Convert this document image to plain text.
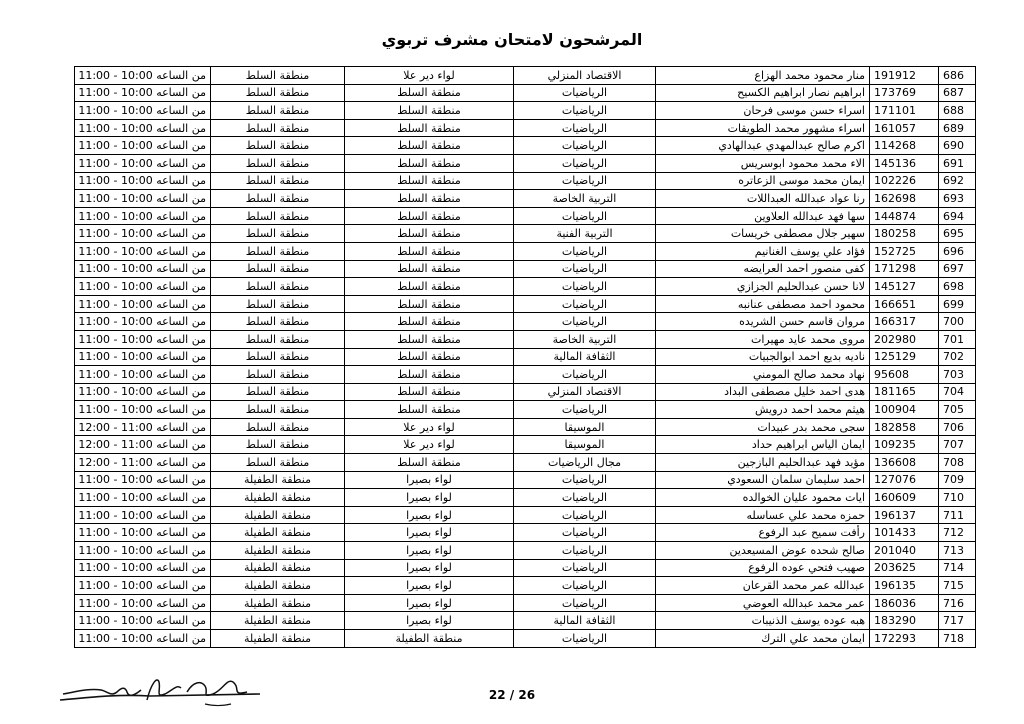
المرشحون لامتحان مشرف تربوي
686	191912	منار محمود محمد الهزاع	الاقتصاد المنزلي	لواء دير علا	منطقة السلط	من الساعه 10:00 - 11:00
687	173769	ابراهيم نصار ابراهيم الكسيح	الرياضيات	منطقة السلط	منطقة السلط	من الساعه 10:00 - 11:00
688	171101	اسراء حسن موسى فرحان	الرياضيات	منطقة السلط	منطقة السلط	من الساعه 10:00 - 11:00
689	161057	اسراء مشهور محمد الطويقات	الرياضيات	منطقة السلط	منطقة السلط	من الساعه 10:00 - 11:00
690	114268	اكرم صالح عبدالمهدي عبدالهادي	الرياضيات	منطقة السلط	منطقة السلط	من الساعه 10:00 - 11:00
691	145136	الاء محمد محمود ابوسريس	الرياضيات	منطقة السلط	منطقة السلط	من الساعه 10:00 - 11:00
692	102226	ايمان محمد موسى الزعاتره	الرياضيات	منطقة السلط	منطقة السلط	من الساعه 10:00 - 11:00
693	162698	رنا عواد عبدالله العبداللات	التربية الخاصة	منطقة السلط	منطقة السلط	من الساعه 10:00 - 11:00
694	144874	سها فهد عبدالله العلاوين	الرياضيات	منطقة السلط	منطقة السلط	من الساعه 10:00 - 11:00
695	180258	سهير جلال مصطفى خريسات	التربية الفنية	منطقة السلط	منطقة السلط	من الساعه 10:00 - 11:00
696	152725	فؤاد علي يوسف الغنانيم	الرياضيات	منطقة السلط	منطقة السلط	من الساعه 10:00 - 11:00
697	171298	كفى منصور احمد العرايضه	الرياضيات	منطقة السلط	منطقة السلط	من الساعه 10:00 - 11:00
698	145127	لانا حسن عبدالحليم الجزازي	الرياضيات	منطقة السلط	منطقة السلط	من الساعه 10:00 - 11:00
699	166651	محمود احمد مصطفى عنانبه	الرياضيات	منطقة السلط	منطقة السلط	من الساعه 10:00 - 11:00
700	166317	مروان قاسم حسن الشريده	الرياضيات	منطقة السلط	منطقة السلط	من الساعه 10:00 - 11:00
701	202980	مروى محمد عايد مهيرات	التربية الخاصة	منطقة السلط	منطقة السلط	من الساعه 10:00 - 11:00
702	125129	ناديه بديع احمد ابوالجبيات	الثقافة المالية	منطقة السلط	منطقة السلط	من الساعه 10:00 - 11:00
703	95608	نهاد محمد صالح المومني	الرياضيات	منطقة السلط	منطقة السلط	من الساعه 10:00 - 11:00
704	181165	هدى احمد خليل مصطفى البداد	الاقتصاد المنزلي	منطقة السلط	منطقة السلط	من الساعه 10:00 - 11:00
705	100904	هيثم محمد احمد درويش	الرياضيات	منطقة السلط	منطقة السلط	من الساعه 10:00 - 11:00
706	182858	سجى محمد بدر عبيدات	الموسيقا	لواء دير علا	منطقة السلط	من الساعه 11:00 - 12:00
707	109235	ايمان الياس ابراهيم حداد	الموسيقا	لواء دير علا	منطقة السلط	من الساعه 11:00 - 12:00
708	136608	مؤيد فهد عبدالحليم البازجين	مجال الرياضيات	منطقة السلط	منطقة السلط	من الساعه 11:00 - 12:00
709	127076	احمد سليمان سلمان السعودي	الرياضيات	لواء بصيرا	منطقة الطفيلة	من الساعه 10:00 - 11:00
710	160609	ايات محمود عليان الخوالده	الرياضيات	لواء بصيرا	منطقة الطفيلة	من الساعه 10:00 - 11:00
711	196137	حمزه محمد علي عساسله	الرياضيات	لواء بصيرا	منطقة الطفيلة	من الساعه 10:00 - 11:00
712	101433	رأفت سميح عبد الرفوع	الرياضيات	لواء بصيرا	منطقة الطفيلة	من الساعه 10:00 - 11:00
713	201040	صالح شحده عوض المسيعدين	الرياضيات	لواء بصيرا	منطقة الطفيلة	من الساعه 10:00 - 11:00
714	203625	صهيب فتحي عوده الرفوع	الرياضيات	لواء بصيرا	منطقة الطفيلة	من الساعه 10:00 - 11:00
715	196135	عبدالله عمر محمد القرعان	الرياضيات	لواء بصيرا	منطقة الطفيلة	من الساعه 10:00 - 11:00
716	186036	عمر محمد عبدالله العوضي	الرياضيات	لواء بصيرا	منطقة الطفيلة	من الساعه 10:00 - 11:00
717	183290	هبه عوده يوسف الذنيبات	الثقافة المالية	لواء بصيرا	منطقة الطفيلة	من الساعه 10:00 - 11:00
718	172293	ايمان محمد علي الترك	الرياضيات	منطقة الطفيلة	منطقة الطفيلة	من الساعه 10:00 - 11:00
22 / 26
